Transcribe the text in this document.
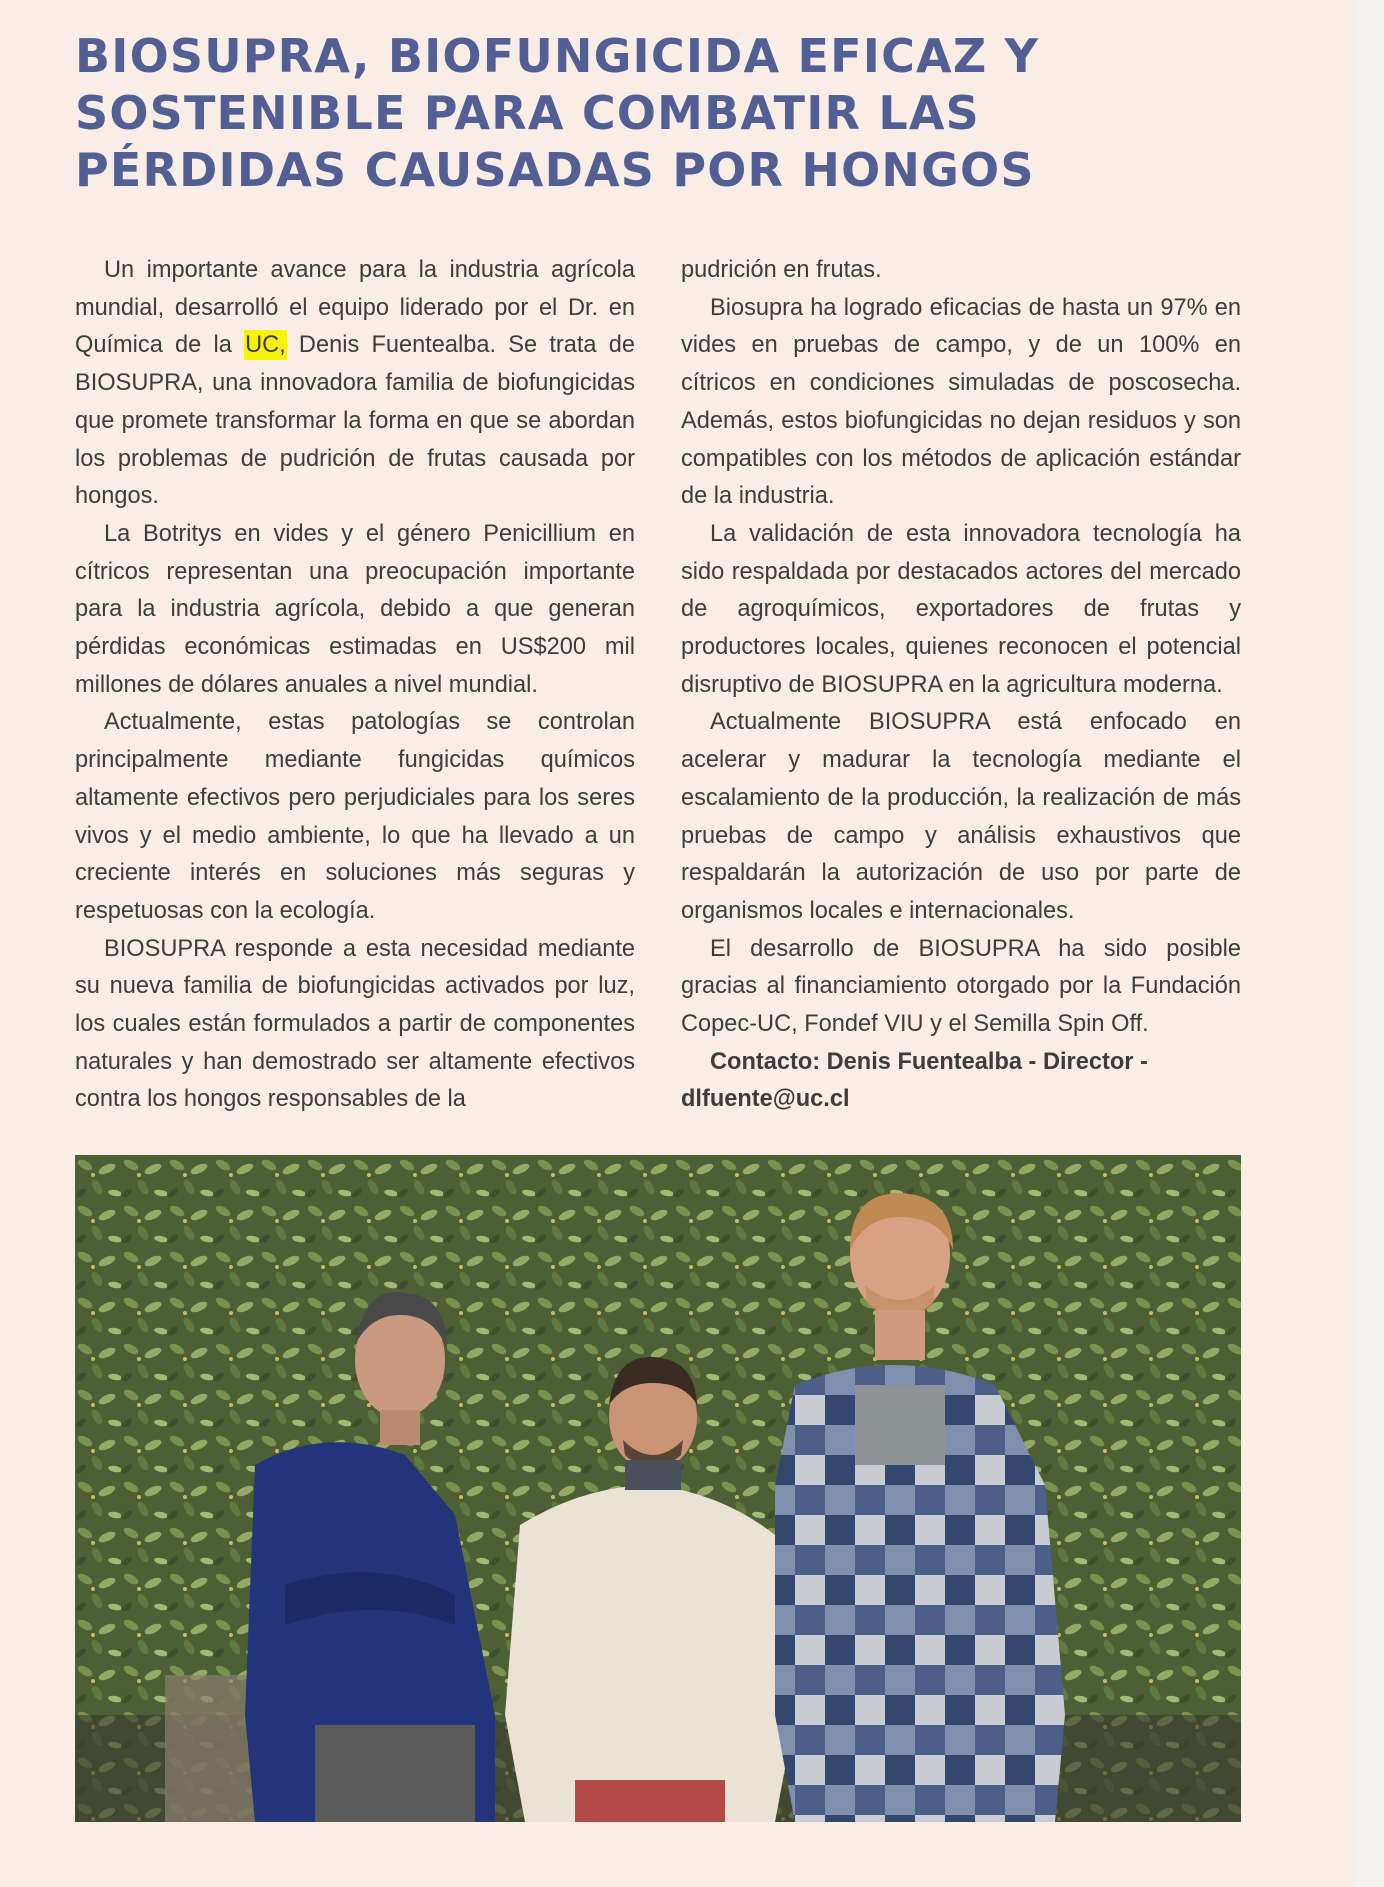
BIOSUPRA, BIOFUNGICIDA EFICAZ Y SOSTENIBLE PARA COMBATIR LAS PÉRDIDAS CAUSADAS POR HONGOS

Un importante avance para la industria agrícola mundial, desarrolló el equipo liderado por el Dr. en Química de la UC, Denis Fuentealba. Se trata de BIOSUPRA, una innovadora familia de biofungicidas que promete transformar la forma en que se abordan los problemas de pudrición de frutas causada por hongos.

La Botritys en vides y el género Penicillium en cítricos representan una preocupación importante para la industria agrícola, debido a que generan pérdidas económicas estimadas en US$200 mil millones de dólares anuales a nivel mundial.

Actualmente, estas patologías se controlan principalmente mediante fungicidas químicos altamente efectivos pero perjudiciales para los seres vivos y el medio ambiente, lo que ha llevado a un creciente interés en soluciones más seguras y respetuosas con la ecología.

BIOSUPRA responde a esta necesidad mediante su nueva familia de biofungicidas activados por luz, los cuales están formulados a partir de componentes naturales y han demostrado ser altamente efectivos contra los hongos responsables de la

pudrición en frutas.

Biosupra ha logrado eficacias de hasta un 97% en vides en pruebas de campo, y de un 100% en cítricos en condiciones simuladas de poscosecha. Además, estos biofungicidas no dejan residuos y son compatibles con los métodos de aplicación estándar de la industria.

La validación de esta innovadora tecnología ha sido respaldada por destacados actores del mercado de agroquímicos, exportadores de frutas y productores locales, quienes reconocen el potencial disruptivo de BIOSUPRA en la agricultura moderna.

Actualmente BIOSUPRA está enfocado en acelerar y madurar la tecnología mediante el escalamiento de la producción, la realización de más pruebas de campo y análisis exhaustivos que respaldarán la autorización de uso por parte de organismos locales e internacionales.

El desarrollo de BIOSUPRA ha sido posible gracias al financiamiento otorgado por la Fundación Copec-UC, Fondef VIU y el Semilla Spin Off.

Contacto: Denis Fuentealba - Director - dlfuente@uc.cl
